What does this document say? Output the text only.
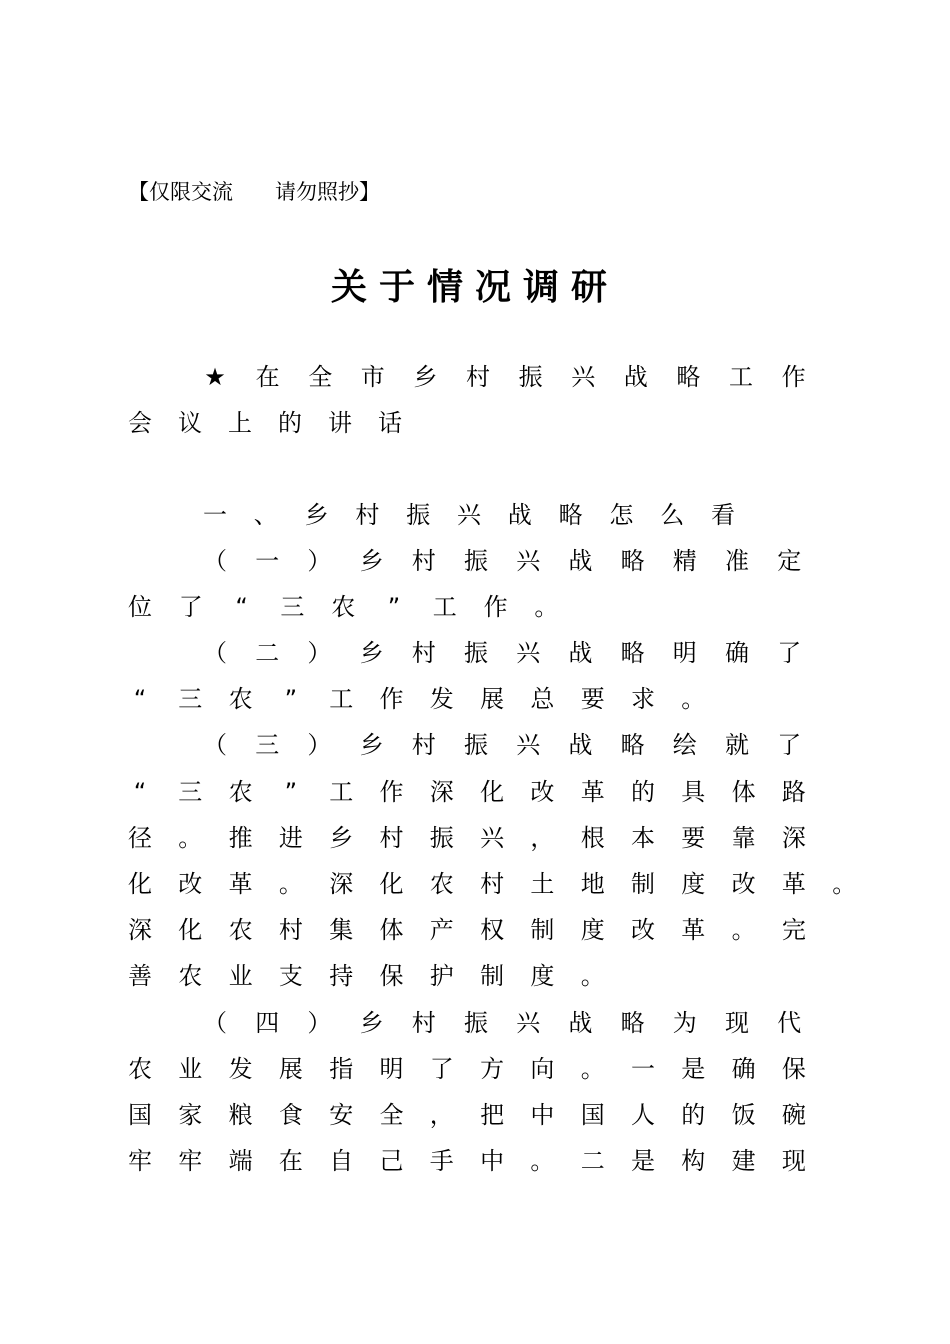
【仅限交流 请勿照抄】
关于情况调研
★ 在 全 市 乡 村 振 兴 战 略 工 作
会 议 上 的 讲 话
一 、 乡 村 振 兴 战 略 怎 么 看
（ 一 ） 乡 村 振 兴 战 略 精 准 定
位 了	“	三 农	”	工 作 。
（ 二 ） 乡 村 振 兴 战 略 明 确 了
“	三 农	”	工 作 发 展 总 要 求 。
（ 三 ） 乡 村 振 兴 战 略 绘 就 了
“	三 农	”	工 作 深 化 改 革 的 具 体 路
径 。 推 进 乡 村 振 兴 ， 根 本 要 靠 深
化 改 革 。 深 化 农 村 土 地 制 度 改 革 。
深 化 农 村 集 体 产 权 制 度 改 革 。 完
善 农 业 支 持 保 护 制 度 。
（ 四 ） 乡 村 振 兴 战 略 为 现 代
农 业 发 展 指 明 了 方 向 。 一 是 确 保
国 家 粮 食 安 全 ， 把 中 国 人 的 饭 碗
牢 牢 端 在 自 己 手 中 。 二 是 构 建 现
